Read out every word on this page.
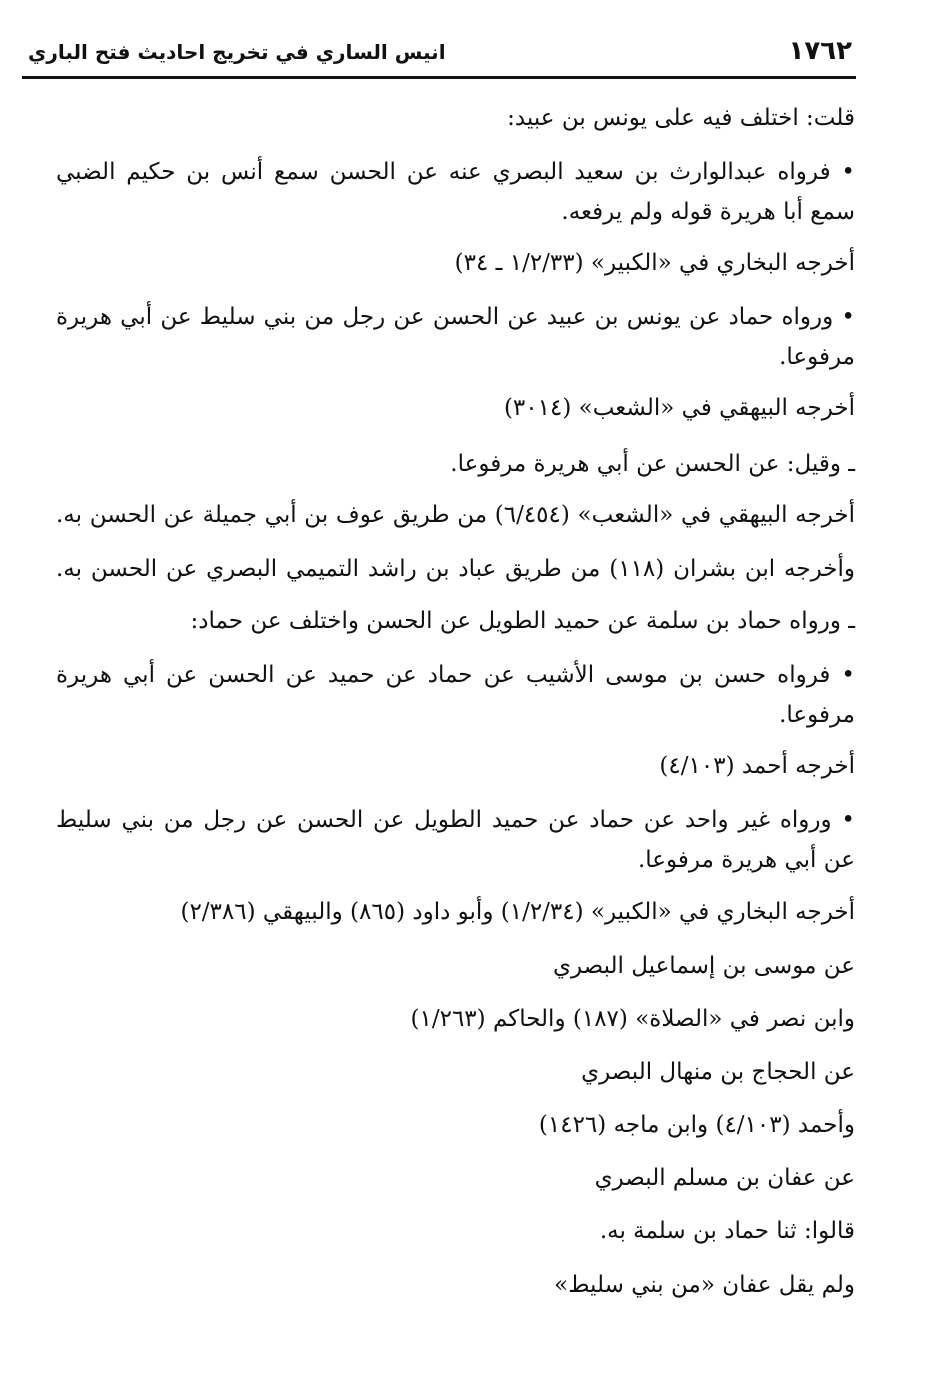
١٧٦٢
انيس الساري في تخريج احاديث فتح الباري
قلت: اختلف فيه على يونس بن عبيد:
• فرواه عبدالوارث بن سعيد البصري عنه عن الحسن سمع أنس بن حكيم الضبي
سمع أبا هريرة قوله ولم يرفعه.
أخرجه البخاري في «الكبير» (١/٢/٣٣ ـ ٣٤)
• ورواه حماد عن يونس بن عبيد عن الحسن عن رجل من بني سليط عن أبي هريرة
مرفوعا.
أخرجه البيهقي في «الشعب» (٣٠١٤)
ـ وقيل: عن الحسن عن أبي هريرة مرفوعا.
أخرجه البيهقي في «الشعب» (٦/٤٥٤) من طريق عوف بن أبي جميلة عن الحسن به.
وأخرجه ابن بشران (١١٨) من طريق عباد بن راشد التميمي البصري عن الحسن به.
ـ ورواه حماد بن سلمة عن حميد الطويل عن الحسن واختلف عن حماد:
• فرواه حسن بن موسى الأشيب عن حماد عن حميد عن الحسن عن أبي هريرة
مرفوعا.
أخرجه أحمد (٤/١٠٣)
• ورواه غير واحد عن حماد عن حميد الطويل عن الحسن عن رجل من بني سليط
عن أبي هريرة مرفوعا.
أخرجه البخاري في «الكبير» (١/٢/٣٤) وأبو داود (٨٦٥) والبيهقي (٢/٣٨٦)
عن موسى بن إسماعيل البصري
وابن نصر في «الصلاة» (١٨٧) والحاكم (١/٢٦٣)
عن الحجاج بن منهال البصري
وأحمد (٤/١٠٣) وابن ماجه (١٤٢٦)
عن عفان بن مسلم البصري
قالوا: ثنا حماد بن سلمة به.
ولم يقل عفان «من بني سليط»
